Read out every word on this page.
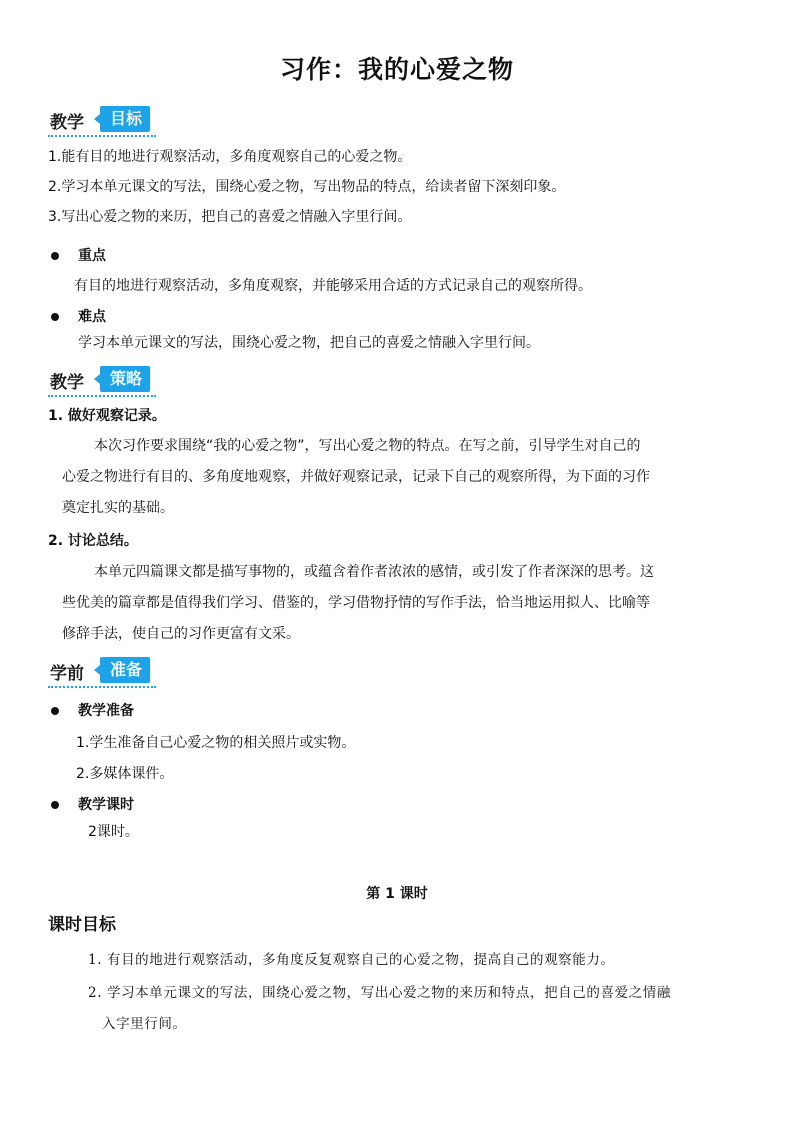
习作：我的心爱之物
教学	目标
1.能有目的地进行观察活动，多角度观察自己的心爱之物。
2.学习本单元课文的写法，围绕心爱之物，写出物品的特点，给读者留下深刻印象。
3.写出心爱之物的来历，把自己的喜爱之情融入字里行间。
重点
有目的地进行观察活动，多角度观察，并能够采用合适的方式记录自己的观察所得。
难点
学习本单元课文的写法，围绕心爱之物，把自己的喜爱之情融入字里行间。
教学	策略
1. 做好观察记录。
本次习作要求围绕“我的心爱之物”，写出心爱之物的特点。在写之前，引导学生对自己的
心爱之物进行有目的、多角度地观察，并做好观察记录，记录下自己的观察所得，为下面的习作
奠定扎实的基础。
2. 讨论总结。
本单元四篇课文都是描写事物的，或蕴含着作者浓浓的感情，或引发了作者深深的思考。这
些优美的篇章都是值得我们学习、借鉴的，学习借物抒情的写作手法，恰当地运用拟人、比喻等
修辞手法，使自己的习作更富有文采。
学前	准备
教学准备
1.学生准备自己心爱之物的相关照片或实物。
2.多媒体课件。
教学课时
2课时。
第 1 课时
课时目标
1. 有目的地进行观察活动，多角度反复观察自己的心爱之物，提高自己的观察能力。
2. 学习本单元课文的写法，围绕心爱之物，写出心爱之物的来历和特点，把自己的喜爱之情融
入字里行间。
